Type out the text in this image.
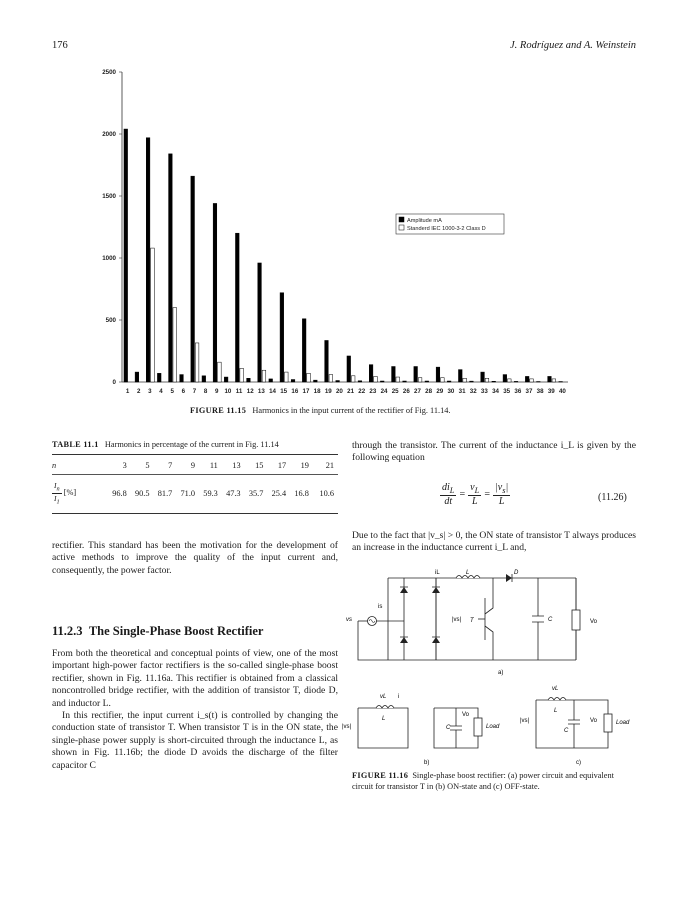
176	J. Rodríguez and A. Weinstein
0
500
1000
1500
2000
2500
1 2 3 4 5 6 7 8 9 10 11 12 13 14 15 16 17 18 19 20 21 22 23 24 25 26 27 28 29 30 31 32 33 34 35 36 37 38 39 40
Amplitude mA
Standerd IEC 1000-3-2 Class D
FIGURE 11.15 Harmonics in the input current of the rectifier of Fig. 11.14.
TABLE 11.1 Harmonics in percentage of the current in Fig. 11.14
n	3	5	7	9	11	13	15	17	19	21

$\frac{I_n}{I_1}$ [%]	96.8	90.5	81.7	71.0	59.3	47.3	35.7	25.4	16.8	10.6

rectifier. This standard has been the motivation for the development of active methods to improve the quality of the input current and, consequently, the power factor.

11.2.3 The Single-Phase Boost Rectifier

From both the theoretical and conceptual points of view, one of the most important high-power factor rectifiers is the so-called single-phase boost rectifier, shown in Fig. 11.16a. This rectifier is obtained from a classical noncontrolled bridge rectifier, with the addition of transistor T, diode D, and inductor L.

In this rectifier, the input current i_s(t) is controlled by changing the conduction state of transistor T. When transistor T is in the ON state, the single-phase power supply is short-circuited through the inductance L, as shown in Fig. 11.16b; the diode D avoids the discharge of the filter capacitor C

through the transistor. The current of the inductance i_L is given by the following equation

$\frac{di_L}{dt} = \frac{v_L}{L} = \frac{|v_s|}{L}$	(11.26)

Due to the fact that |v_s| > 0, the ON state of transistor T always produces an increase in the inductance current i_L and,

iL	L	D
is
vs	|vs| T	C	Vo
a)
vL i
L
|vs|	C
Vo
Load
b)
vL
L
|vs|
C
Vo	Load
c)
FIGURE 11.16 Single-phase boost rectifier: (a) power circuit and equivalent circuit for transistor T in (b) ON-state and (c) OFF-state.
